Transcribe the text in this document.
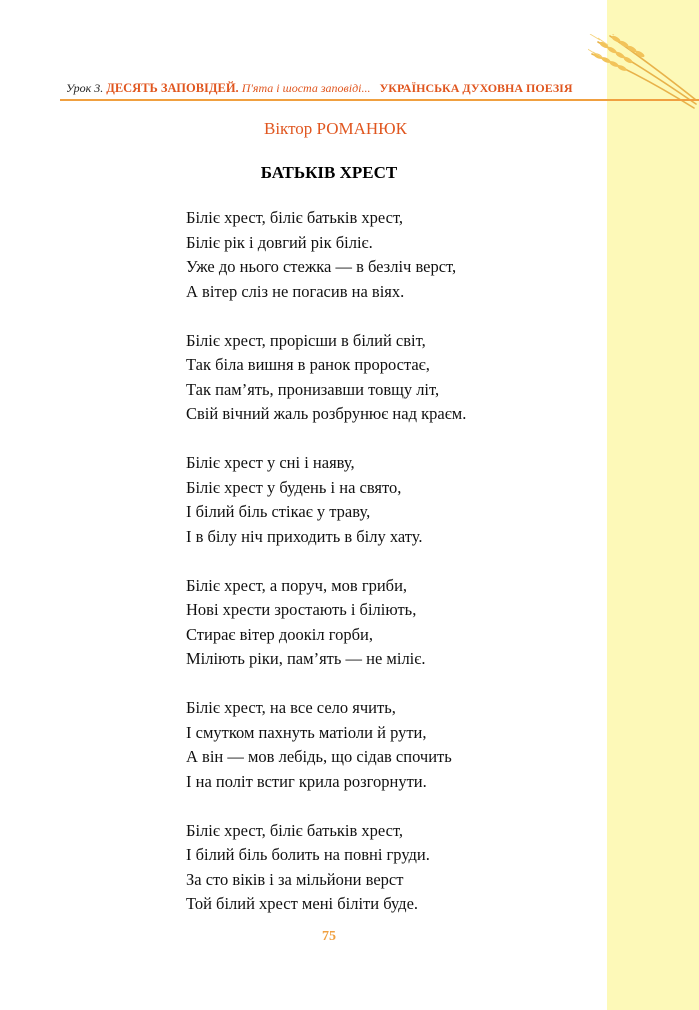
Урок 3. ДЕСЯТЬ ЗАПОВІДЕЙ. П'ята і шоста заповіді... УКРАЇНСЬКА ДУХОВНА ПОЕЗІЯ
Віктор РОМАНЮК
БАТЬКІВ ХРЕСТ
Біліє хрест, біліє батьків хрест,
Біліє рік і довгий рік біліє.
Уже до нього стежка — в безліч верст,
А вітер сліз не погасив на віях.
Біліє хрест, прорісши в білий світ,
Так біла вишня в ранок проростає,
Так пам’ять, пронизавши товщу літ,
Свій вічний жаль розбрунює над краєм.
Біліє хрест у сні і наяву,
Біліє хрест у будень і на свято,
І білий біль стікає у траву,
І в білу ніч приходить в білу хату.
Біліє хрест, а поруч, мов гриби,
Нові хрести зростають і біліють,
Стирає вітер доокіл горби,
Міліють ріки, пам’ять — не міліє.
Біліє хрест, на все село ячить,
І смутком пахнуть матіоли й рути,
А він — мов лебідь, що сідав спочить
І на політ встиг крила розгорнути.
Біліє хрест, біліє батьків хрест,
І білий біль болить на повні груди.
За сто віків і за мільйони верст
Той білий хрест мені біліти буде.
75
